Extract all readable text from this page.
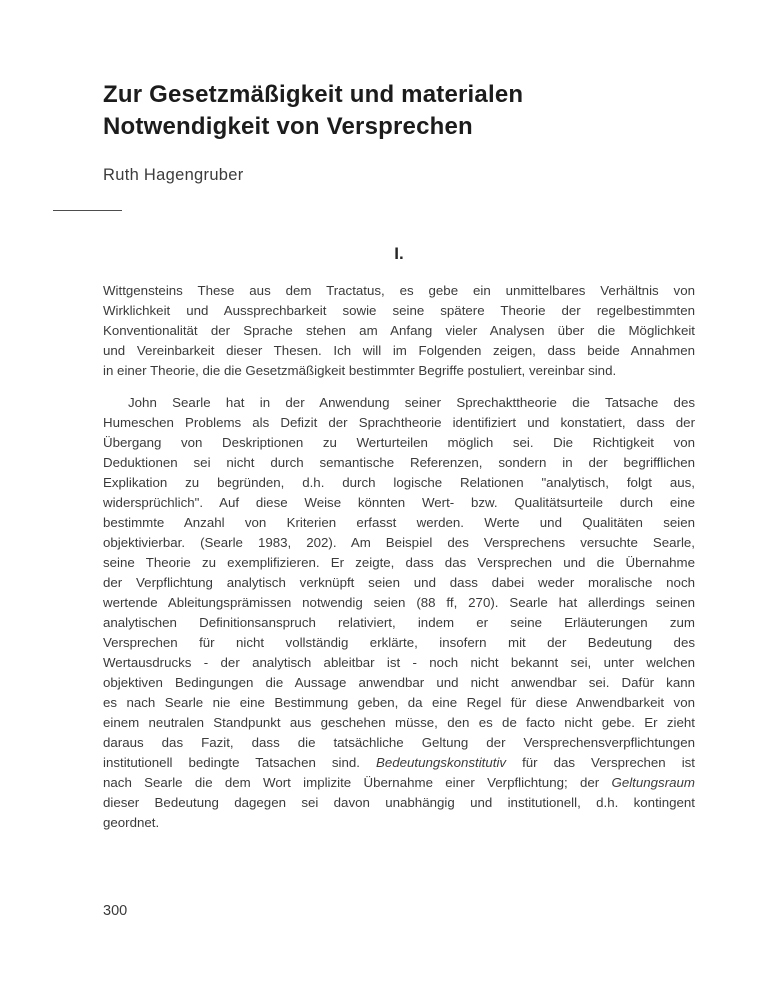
Zur Gesetzmäßigkeit und materialen
Notwendigkeit von Versprechen
Ruth Hagengruber
I.
Wittgensteins These aus dem Tractatus, es gebe ein unmittelbares Verhältnis von
Wirklichkeit und Aussprechbarkeit sowie seine spätere Theorie der regelbestimmten
Konventionalität der Sprache stehen am Anfang vieler Analysen über die Möglichkeit
und Vereinbarkeit dieser Thesen. Ich will im Folgenden zeigen, dass beide Annahmen
in einer Theorie, die die Gesetzmäßigkeit bestimmter Begriffe postuliert, vereinbar sind.
John Searle hat in der Anwendung seiner Sprechakttheorie die Tatsache des
Humeschen Problems als Defizit der Sprachtheorie identifiziert und konstatiert, dass der
Übergang von Deskriptionen zu Werturteilen möglich sei. Die Richtigkeit von
Deduktionen sei nicht durch semantische Referenzen, sondern in der begrifflichen
Explikation zu begründen, d.h. durch logische Relationen "analytisch, folgt aus,
widersprüchlich". Auf diese Weise könnten Wert- bzw. Qualitätsurteile durch eine
bestimmte Anzahl von Kriterien erfasst werden. Werte und Qualitäten seien
objektivierbar. (Searle 1983, 202). Am Beispiel des Versprechens versuchte Searle,
seine Theorie zu exemplifizieren. Er zeigte, dass das Versprechen und die Übernahme
der Verpflichtung analytisch verknüpft seien und dass dabei weder moralische noch
wertende Ableitungsprämissen notwendig seien (88 ff, 270). Searle hat allerdings seinen
analytischen Definitionsanspruch relativiert, indem er seine Erläuterungen zum
Versprechen für nicht vollständig erklärte, insofern mit der Bedeutung des
Wertausdrucks - der analytisch ableitbar ist - noch nicht bekannt sei, unter welchen
objektiven Bedingungen die Aussage anwendbar und nicht anwendbar sei. Dafür kann
es nach Searle nie eine Bestimmung geben, da eine Regel für diese Anwendbarkeit von
einem neutralen Standpunkt aus geschehen müsse, den es de facto nicht gebe. Er zieht
daraus das Fazit, dass die tatsächliche Geltung der Versprechensverpflichtungen
institutionell bedingte Tatsachen sind. Bedeutungskonstitutiv für das Versprechen ist
nach Searle die dem Wort implizite Übernahme einer Verpflichtung; der Geltungsraum
dieser Bedeutung dagegen sei davon unabhängig und institutionell, d.h. kontingent
geordnet.
300
